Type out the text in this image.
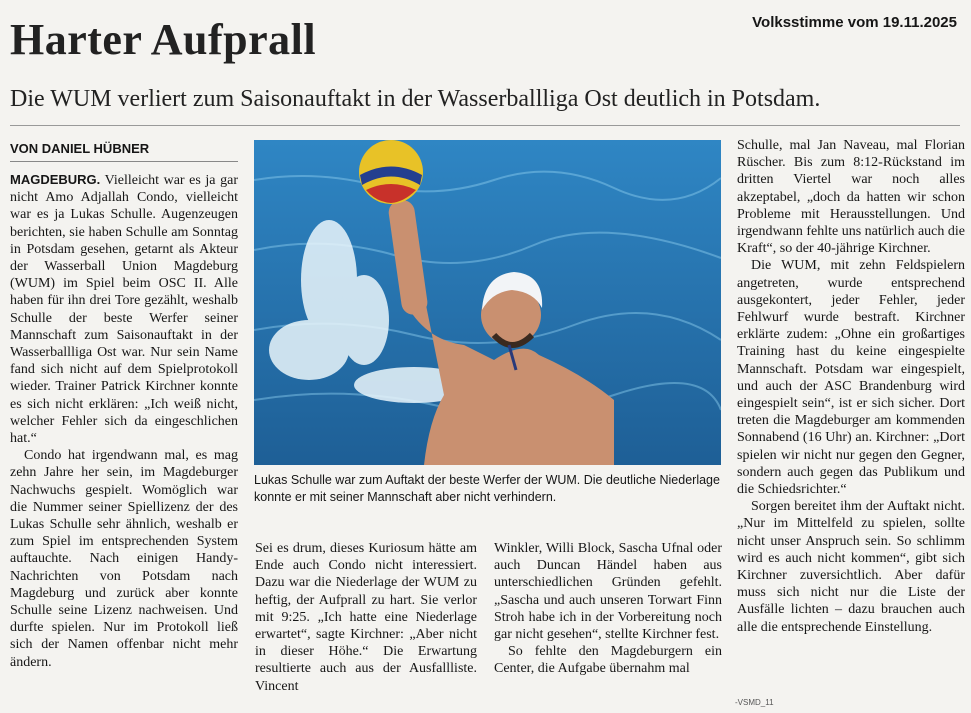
Volksstimme vom 19.11.2025
Harter Aufprall
Die WUM verliert zum Saisonauftakt in der Wasserballliga Ost deutlich in Potsdam.
VON DANIEL HÜBNER

MAGDEBURG. Vielleicht war es ja gar nicht Amo Adjallah Condo, vielleicht war es ja Lukas Schulle. Augenzeugen berichten, sie haben Schulle am Sonntag in Potsdam gesehen, getarnt als Akteur der Wasserball Union Magdeburg (WUM) im Spiel beim OSC II. Alle haben für ihn drei Tore gezählt, weshalb Schulle der beste Werfer seiner Mannschaft zum Saisonauftakt in der Wasserballliga Ost war. Nur sein Name fand sich nicht auf dem Spielprotokoll wieder. Trainer Patrick Kirchner konnte es sich nicht erklären: „Ich weiß nicht, welcher Fehler sich da eingeschlichen hat.“

Condo hat irgendwann mal, es mag zehn Jahre her sein, im Magdeburger Nachwuchs gespielt. Womöglich war die Nummer seiner Spiellizenz der des Lukas Schulle sehr ähnlich, weshalb er zum Spiel im entsprechenden System auftauchte. Nach einigen Handy-Nachrichten von Potsdam nach Magdeburg und zurück aber konnte Schulle seine Lizenz nachweisen. Und durfte spielen. Nur im Protokoll ließ sich der Namen offenbar nicht mehr ändern.

Lukas Schulle war zum Auftakt der beste Werfer der WUM. Die deutliche Niederlage konnte er mit seiner Mannschaft aber nicht verhindern.

Sei es drum, dieses Kuriosum hätte am Ende auch Condo nicht interessiert. Dazu war die Niederlage der WUM zu heftig, der Aufprall zu hart. Sie verlor mit 9:25. „Ich hatte eine Niederlage erwartet“, sagte Kirchner: „Aber nicht in dieser Höhe.“ Die Erwartung resultierte auch aus der Ausfallliste. Vincent

Winkler, Willi Block, Sascha Ufnal oder auch Duncan Händel haben aus unterschiedlichen Gründen gefehlt. „Sascha und auch unseren Torwart Finn Stroh habe ich in der Vorbereitung noch gar nicht gesehen“, stellte Kirchner fest.

So fehlte den Magdeburgern ein Center, die Aufgabe übernahm mal

Schulle, mal Jan Naveau, mal Florian Rüscher. Bis zum 8:12-Rückstand im dritten Viertel war noch alles akzeptabel, „doch da hatten wir schon Probleme mit Herausstellungen. Und irgendwann fehlte uns natürlich auch die Kraft“, so der 40-jährige Kirchner.

Die WUM, mit zehn Feldspielern angetreten, wurde entsprechend ausgekontert, jeder Fehler, jeder Fehlwurf wurde bestraft. Kirchner erklärte zudem: „Ohne ein großartiges Training hast du keine eingespielte Mannschaft. Potsdam war eingespielt, und auch der ASC Brandenburg wird eingespielt sein“, ist er sich sicher. Dort treten die Magdeburger am kommenden Sonnabend (16 Uhr) an. Kirchner: „Dort spielen wir nicht nur gegen den Gegner, sondern auch gegen das Publikum und die Schiedsrichter.“

Sorgen bereitet ihm der Auftakt nicht. „Nur im Mittelfeld zu spielen, sollte nicht unser Anspruch sein. So schlimm wird es auch nicht kommen“, gibt sich Kirchner zuversichtlich. Aber dafür muss sich nicht nur die Liste der Ausfälle lichten – dazu brauchen auch alle die entsprechende Einstellung.

-VSMD_11
